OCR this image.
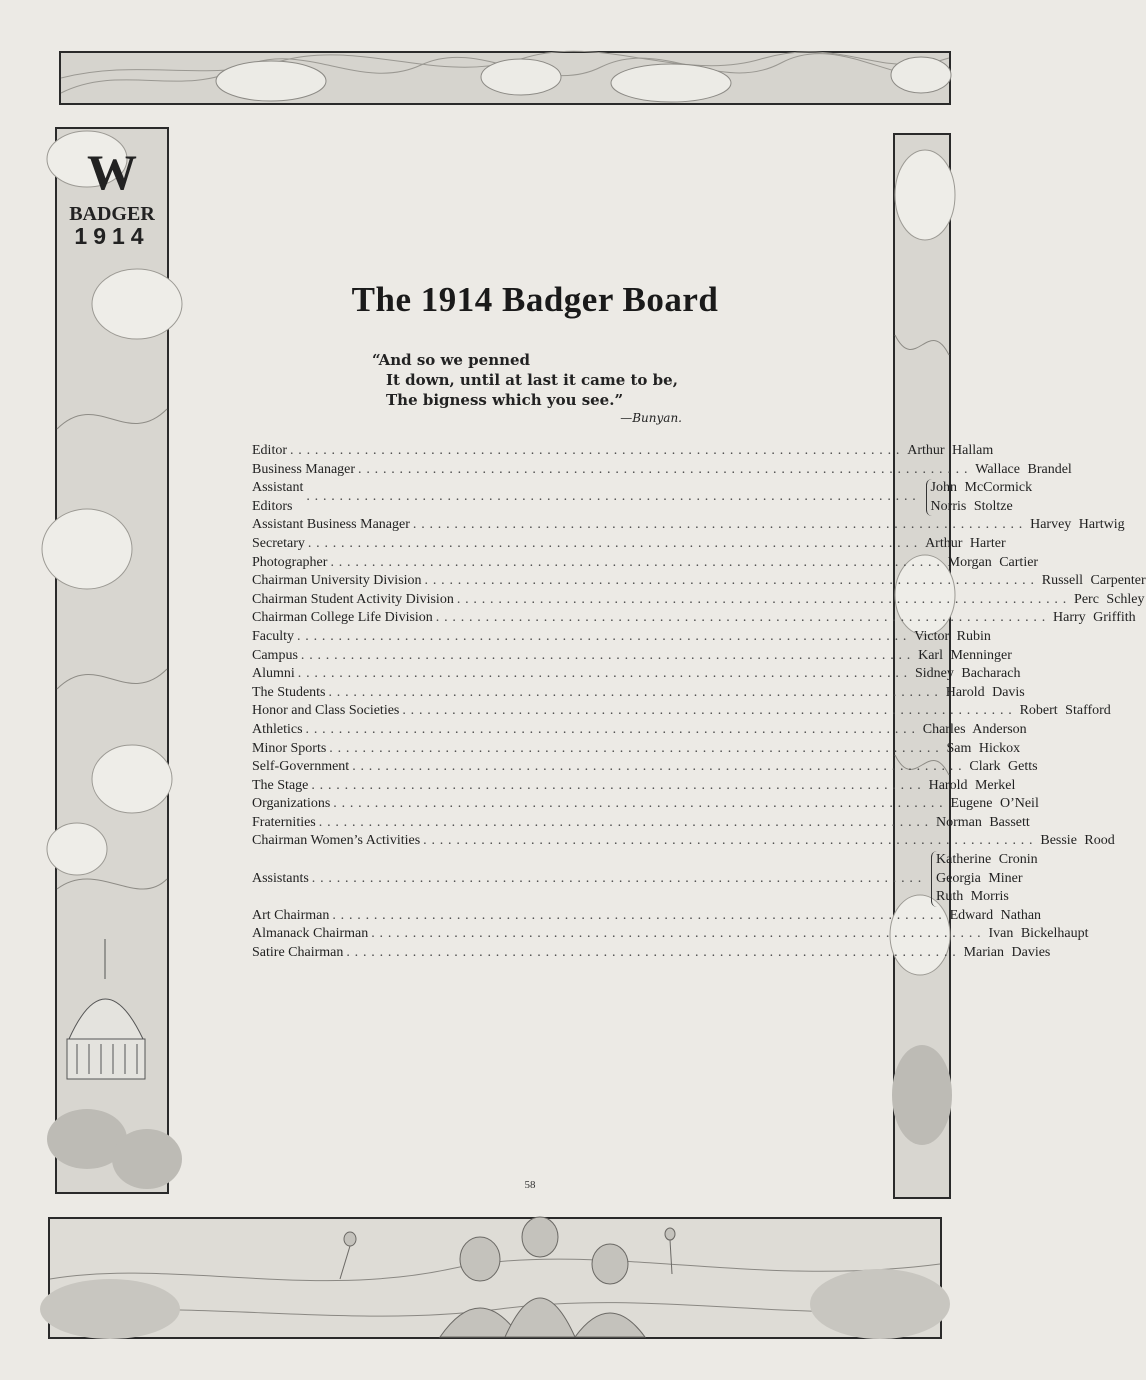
W
BADGER
1914
The 1914 Badger Board
“And so we penned
It down, until at last it came to be,
The bigness which you see.”
—Bunyan.
Editor .......................................................................... Arthur Hallam
Business Manager .......................................................................... Wallace Brandel
Assistant Editors
..........................................................................
John McCormick
Norris Stoltze
Assistant Business Manager .......................................................................... Harvey Hartwig
Secretary .......................................................................... Arthur Harter
Photographer .......................................................................... Morgan Cartier
Chairman University Division .......................................................................... Russell Carpenter
Chairman Student Activity Division .......................................................................... Perc Schley
Chairman College Life Division .......................................................................... Harry Griffith
Faculty .......................................................................... Victor Rubin
Campus .......................................................................... Karl Menninger
Alumni .......................................................................... Sidney Bacharach
The Students .......................................................................... Harold Davis
Honor and Class Societies .......................................................................... Robert Stafford
Athletics .......................................................................... Charles Anderson
Minor Sports .......................................................................... Sam Hickox
Self-Government .......................................................................... Clark Getts
The Stage .......................................................................... Harold Merkel
Organizations .......................................................................... Eugene O’Neil
Fraternities .......................................................................... Norman Bassett
Chairman Women’s Activities .......................................................................... Bessie Rood
Assistants ..........................................................................
Katherine Cronin
Georgia Miner
Ruth Morris
Art Chairman .......................................................................... Edward Nathan
Almanack Chairman .......................................................................... Ivan Bickelhaupt
Satire Chairman .......................................................................... Marian Davies
58
